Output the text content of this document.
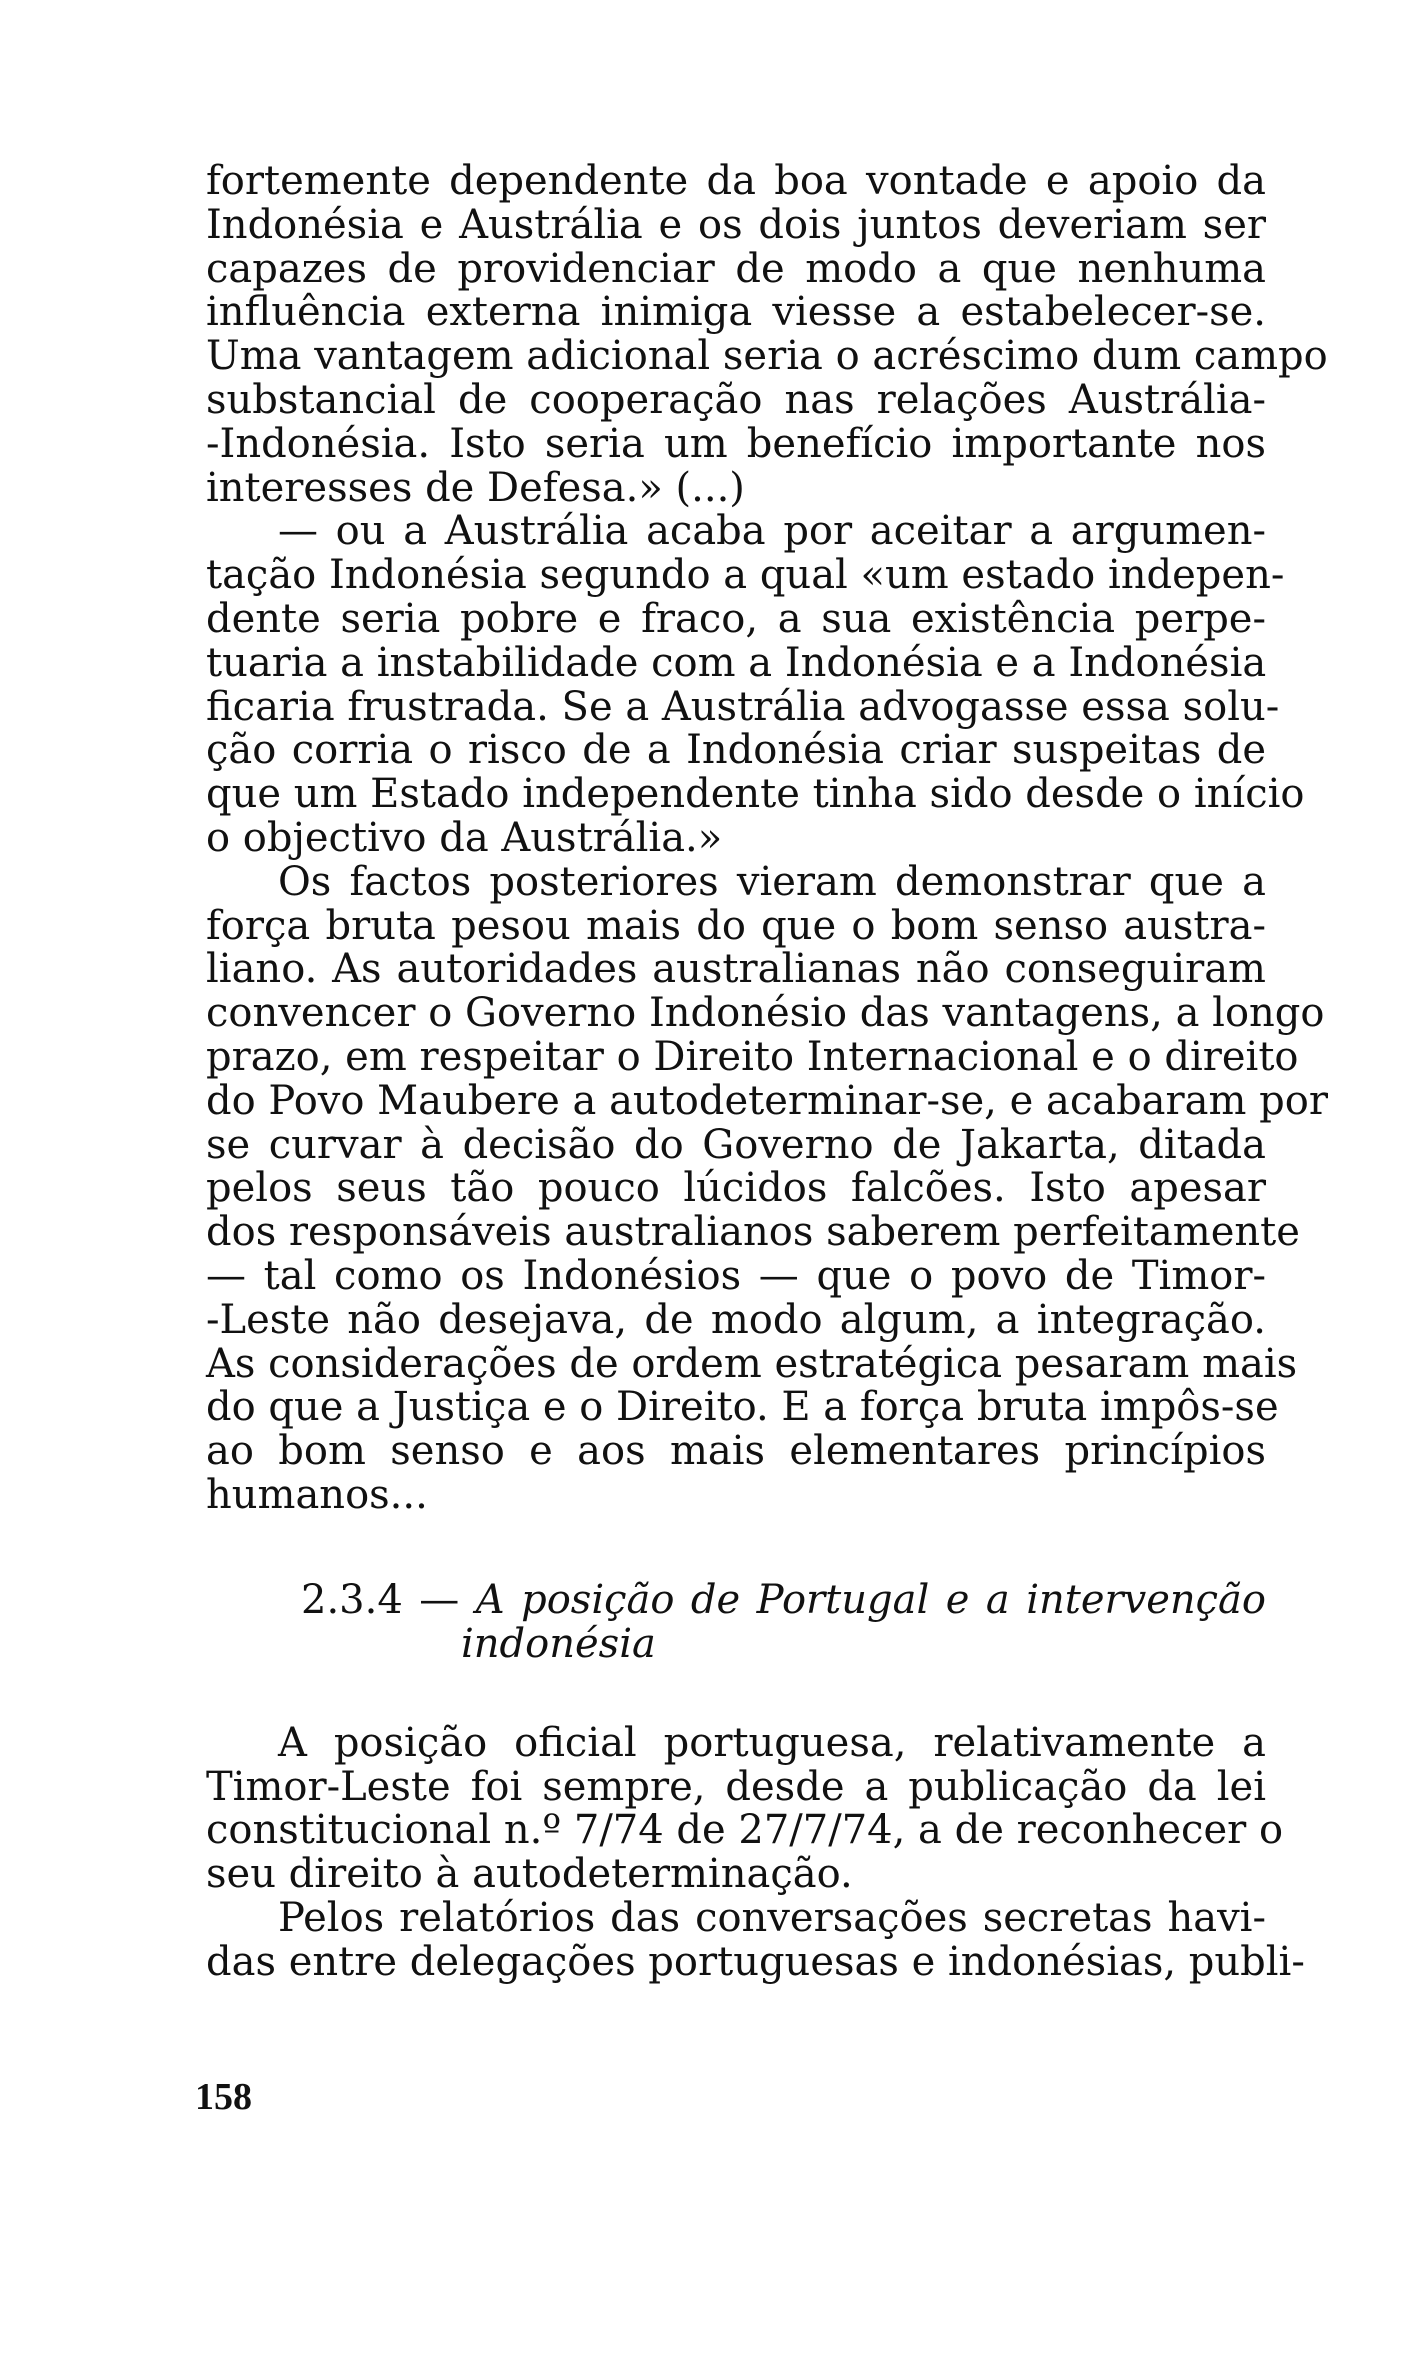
fortemente dependente da boa vontade e apoio da
Indonésia e Austrália e os dois juntos deveriam ser
capazes de providenciar de modo a que nenhuma
influência externa inimiga viesse a estabelecer-se.
Uma vantagem adicional seria o acréscimo dum campo
substancial de cooperação nas relações Austrália-
-Indonésia. Isto seria um benefício importante nos
interesses de Defesa.» (...)
— ou a Austrália acaba por aceitar a argumen-
tação Indonésia segundo a qual «um estado indepen-
dente seria pobre e fraco, a sua existência perpe-
tuaria a instabilidade com a Indonésia e a Indonésia
ficaria frustrada. Se a Austrália advogasse essa solu-
ção corria o risco de a Indonésia criar suspeitas de
que um Estado independente tinha sido desde o início
o objectivo da Austrália.»
Os factos posteriores vieram demonstrar que a
força bruta pesou mais do que o bom senso austra-
liano. As autoridades australianas não conseguiram
convencer o Governo Indonésio das vantagens, a longo
prazo, em respeitar o Direito Internacional e o direito
do Povo Maubere a autodeterminar-se, e acabaram por
se curvar à decisão do Governo de Jakarta, ditada
pelos seus tão pouco lúcidos falcões. Isto apesar
dos responsáveis australianos saberem perfeitamente
— tal como os Indonésios — que o povo de Timor-
-Leste não desejava, de modo algum, a integração.
As considerações de ordem estratégica pesaram mais
do que a Justiça e o Direito. E a força bruta impôs-se
ao bom senso e aos mais elementares princípios
humanos...
2.3.4 — A posição de Portugal e a intervenção
indonésia
A posição oficial portuguesa, relativamente a
Timor-Leste foi sempre, desde a publicação da lei
constitucional n.º 7/74 de 27/7/74, a de reconhecer o
seu direito à autodeterminação.
Pelos relatórios das conversações secretas havi-
das entre delegações portuguesas e indonésias, publi-
158
